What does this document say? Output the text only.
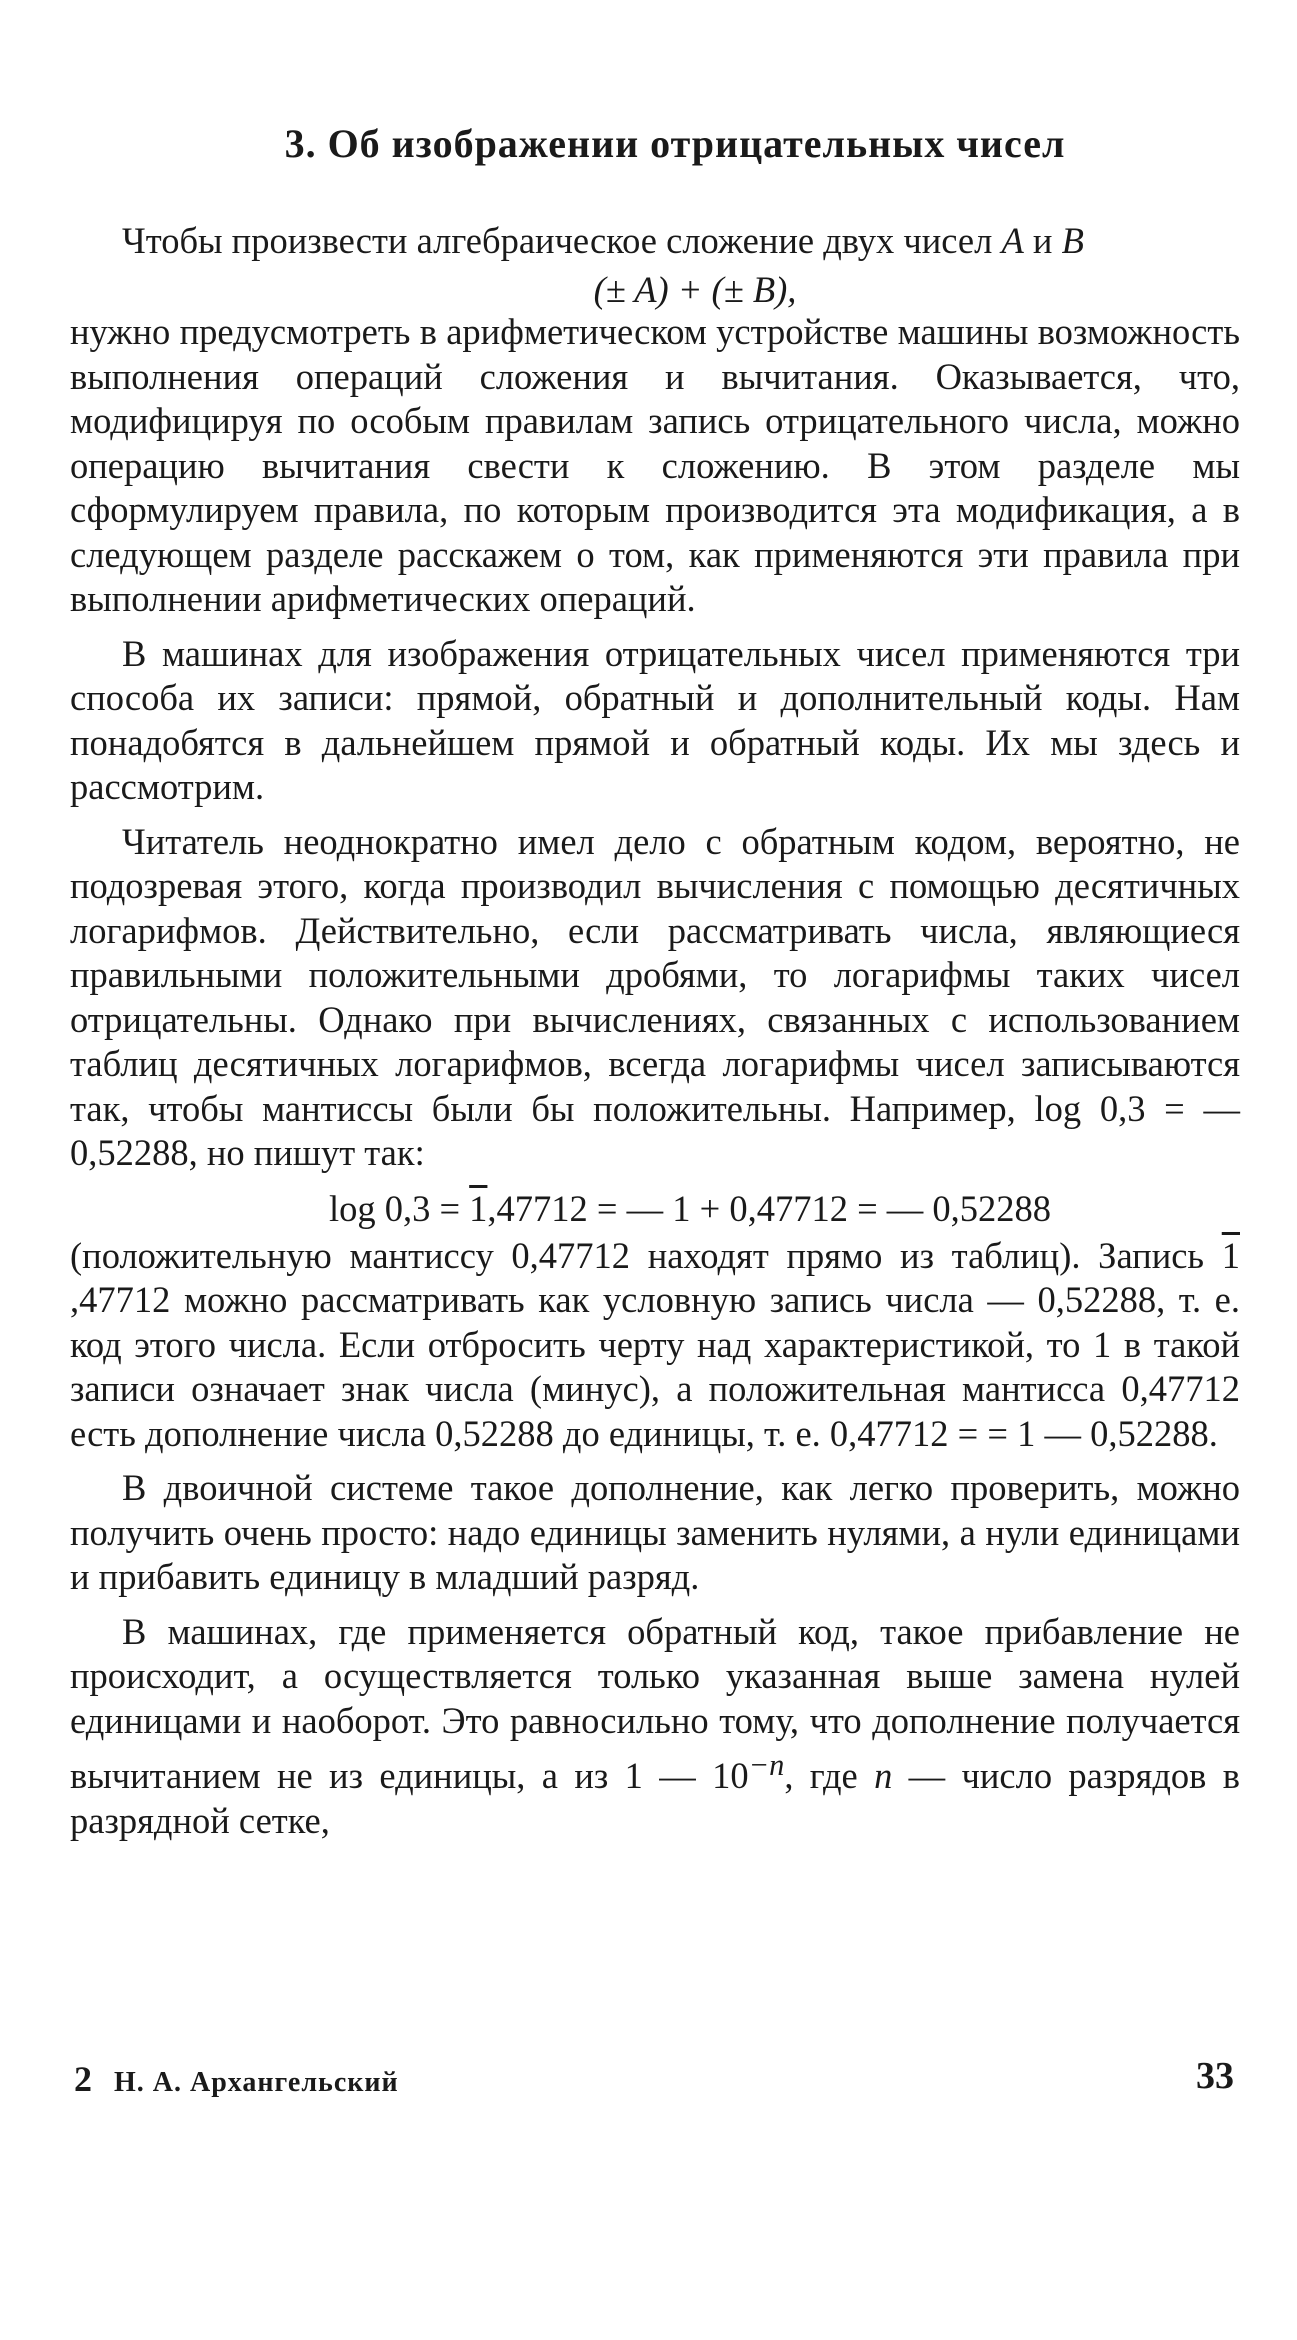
3. Об изображении отрицательных чисел

Чтобы произвести алгебраическое сложение двух чисел A и B

(± A) + (± B),

нужно предусмотреть в арифметическом устройстве машины возможность выполнения операций сложения и вычитания. Оказывается, что, модифицируя по особым правилам запись отрицательного числа, можно операцию вычитания свести к сложению. В этом разделе мы сформулируем правила, по которым производится эта модификация, а в следующем разделе расскажем о том, как применяются эти правила при выполнении арифметических операций.

В машинах для изображения отрицательных чисел применяются три способа их записи: прямой, обратный и дополнительный коды. Нам понадобятся в дальнейшем прямой и обратный коды. Их мы здесь и рассмотрим.

Читатель неоднократно имел дело с обратным кодом, вероятно, не подозревая этого, когда производил вычисления с помощью десятичных логарифмов. Действительно, если рассматривать числа, являющиеся правильными положительными дробями, то логарифмы таких чисел отрицательны. Однако при вычислениях, связанных с использованием таблиц десятичных логарифмов, всегда логарифмы чисел записываются так, чтобы мантиссы были бы положительны. Например, log 0,3 = — 0,52288, но пишут так:

log 0,3 = 1,47712 = — 1 + 0,47712 = — 0,52288

(положительную мантиссу 0,47712 находят прямо из таблиц). Запись 1 ,47712 можно рассматривать как условную запись числа — 0,52288, т. е. код этого числа. Если отбросить черту над характеристикой, то 1 в такой записи означает знак числа (минус), а положительная мантисса 0,47712 есть дополнение числа 0,52288 до единицы, т. е. 0,47712 = = 1 — 0,52288.

В двоичной системе такое дополнение, как легко проверить, можно получить очень просто: надо единицы заменить нулями, а нули единицами и прибавить единицу в младший разряд.

В машинах, где применяется обратный код, такое прибавление не происходит, а осуществляется только указанная выше замена нулей единицами и наоборот. Это равносильно тому, что дополнение получается вычитанием не из единицы, а из 1 — $10^{-n}$, где n — число разрядов в разрядной сетке,

2 Н. А. Архангельский	33
